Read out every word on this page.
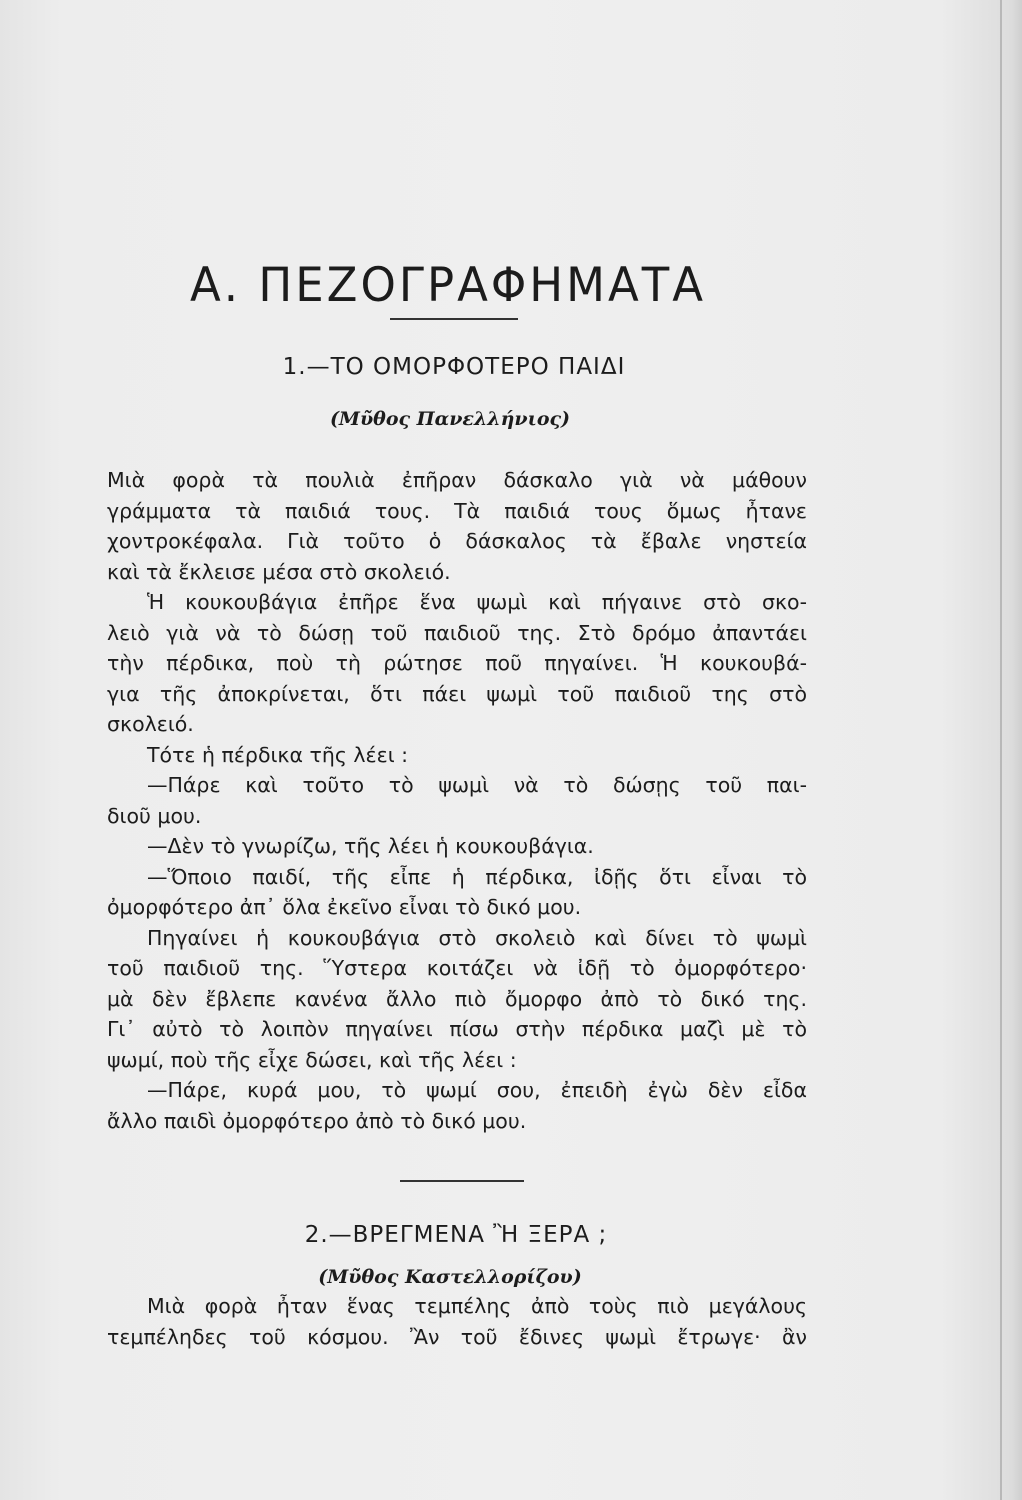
Α. ΠΕΖΟΓΡΑΦΗΜΑΤΑ
1.—ΤΟ ΟΜΟΡΦΟΤΕΡΟ ΠΑΙΔΙ
(Μῦθος Πανελλήνιος)
Μιὰ φορὰ τὰ πουλιὰ ἐπῆραν δάσκαλο γιὰ νὰ μάθουν
γράμματα τὰ παιδιά τους. Τὰ παιδιά τους ὅμως ἦτανε
χοντροκέφαλα. Γιὰ τοῦτο ὁ δάσκαλος τὰ ἔβαλε νηστεία
καὶ τὰ ἔκλεισε μέσα στὸ σκολειό.
Ἡ κουκουβάγια ἐπῆρε ἕνα ψωμὶ καὶ πήγαινε στὸ σκο-
λειὸ γιὰ νὰ τὸ δώσῃ τοῦ παιδιοῦ της. Στὸ δρόμο ἀπαντάει
τὴν πέρδικα, ποὺ τὴ ρώτησε ποῦ πηγαίνει. Ἡ κουκουβά-
για τῆς ἀποκρίνεται, ὅτι πάει ψωμὶ τοῦ παιδιοῦ της στὸ
σκολειό.
Τότε ἡ πέρδικα τῆς λέει :
—Πάρε καὶ τοῦτο τὸ ψωμὶ νὰ τὸ δώσῃς τοῦ παι-
διοῦ μου.
—Δὲν τὸ γνωρίζω, τῆς λέει ἡ κουκουβάγια.
—Ὅποιο παιδί, τῆς εἶπε ἡ πέρδικα, ἰδῇς ὅτι εἶναι τὸ
ὀμορφότερο ἀπ᾽ ὅλα ἐκεῖνο εἶναι τὸ δικό μου.
Πηγαίνει ἡ κουκουβάγια στὸ σκολειὸ καὶ δίνει τὸ ψωμὶ
τοῦ παιδιοῦ της. Ὕστερα κοιτάζει νὰ ἰδῇ τὸ ὀμορφότερο·
μὰ δὲν ἔβλεπε κανένα ἄλλο πιὸ ὄμορφο ἀπὸ τὸ δικό της.
Γι᾽ αὐτὸ τὸ λοιπὸν πηγαίνει πίσω στὴν πέρδικα μαζὶ μὲ τὸ
ψωμί, ποὺ τῆς εἶχε δώσει, καὶ τῆς λέει :
—Πάρε, κυρά μου, τὸ ψωμί σου, ἐπειδὴ ἐγὼ δὲν εἶδα
ἄλλο παιδὶ ὀμορφότερο ἀπὸ τὸ δικό μου.
2.—ΒΡΕΓΜΕΝΑ Ἢ ΞΕΡΑ ;
(Μῦθος Καστελλορίζου)
Μιὰ φορὰ ἦταν ἕνας τεμπέλης ἀπὸ τοὺς πιὸ μεγάλους
τεμπέληδες τοῦ κόσμου. Ἂν τοῦ ἔδινες ψωμὶ ἔτρωγε· ἂν
